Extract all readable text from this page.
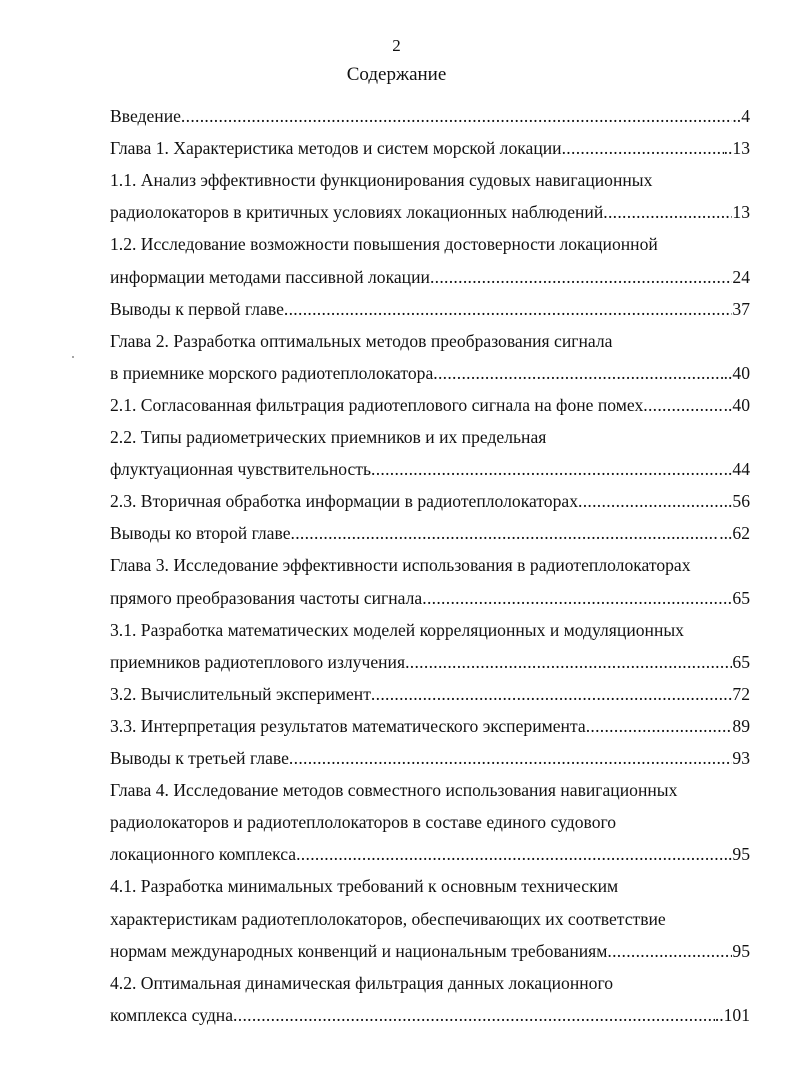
2
Содержание
Введение .....	..4
Глава 1. Характеристика методов и систем морской локации .....	..13
1.1. Анализ эффективности функционирования судовых навигационных
радиолокаторов в критичных условиях локационных наблюдений .....	13
1.2. Исследование возможности повышения достоверности локационной
информации методами пассивной локации .....	24
Выводы к первой главе .....	37
Глава 2. Разработка оптимальных методов преобразования сигнала
в приемнике морского радиотеплолокатора .....	..40
2.1. Согласованная фильтрация радиотеплового сигнала на фоне помех .....	..40
2.2. Типы радиометрических приемников и их предельная
флуктуационная чувствительность .....	..44
2.3. Вторичная обработка информации в радиотеплолокаторах .....	..56
Выводы ко второй главе .....	...62
Глава 3. Исследование эффективности использования в радиотеплолокаторах
прямого преобразования частоты сигнала .....	65
3.1. Разработка математических моделей корреляционных и модуляционных
приемников радиотеплового излучения .....	65
3.2. Вычислительный эксперимент .....	72
3.3. Интерпретация результатов математического эксперимента .....	89
Выводы к третьей главе .....	93
Глава 4. Исследование методов совместного использования навигационных
радиолокаторов и радиотеплолокаторов в составе единого судового
локационного комплекса .....	..95
4.1. Разработка минимальных требований к основным техническим
характеристикам радиотеплолокаторов, обеспечивающих их соответствие
нормам международных конвенций и национальным требованиям .....	95
4.2. Оптимальная динамическая фильтрация данных локационного
комплекса судна .....	..101
